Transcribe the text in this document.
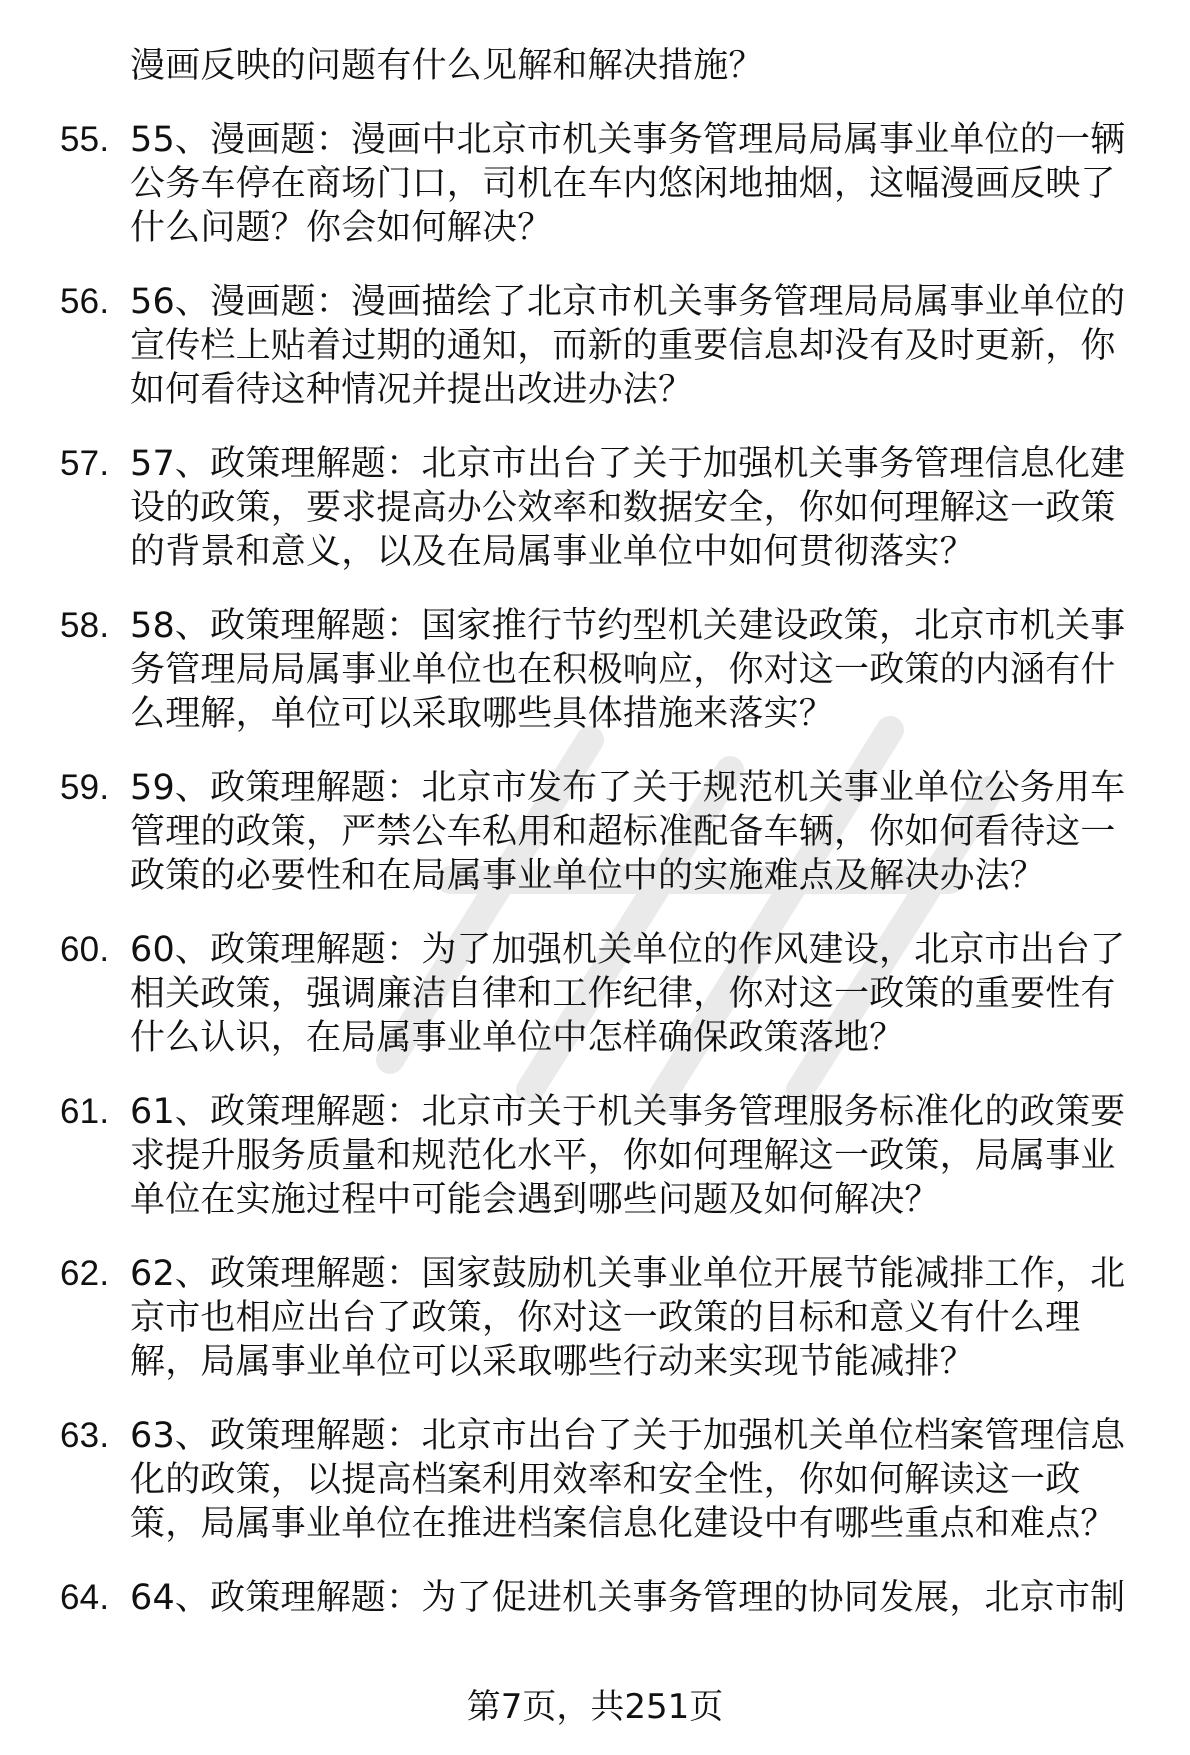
漫画反映的问题有什么见解和解决措施？
55. 55、漫画题：漫画中北京市机关事务管理局局属事业单位的一辆公务车停在商场门口，司机在车内悠闲地抽烟，这幅漫画反映了什么问题？你会如何解决？
56. 56、漫画题：漫画描绘了北京市机关事务管理局局属事业单位的宣传栏上贴着过期的通知，而新的重要信息却没有及时更新，你如何看待这种情况并提出改进办法？
57. 57、政策理解题：北京市出台了关于加强机关事务管理信息化建设的政策，要求提高办公效率和数据安全，你如何理解这一政策的背景和意义，以及在局属事业单位中如何贯彻落实？
58. 58、政策理解题：国家推行节约型机关建设政策，北京市机关事务管理局局属事业单位也在积极响应，你对这一政策的内涵有什么理解，单位可以采取哪些具体措施来落实？
59. 59、政策理解题：北京市发布了关于规范机关事业单位公务用车管理的政策，严禁公车私用和超标准配备车辆，你如何看待这一政策的必要性和在局属事业单位中的实施难点及解决办法？
60. 60、政策理解题：为了加强机关单位的作风建设，北京市出台了相关政策，强调廉洁自律和工作纪律，你对这一政策的重要性有什么认识，在局属事业单位中怎样确保政策落地？
61. 61、政策理解题：北京市关于机关事务管理服务标准化的政策要求提升服务质量和规范化水平，你如何理解这一政策，局属事业单位在实施过程中可能会遇到哪些问题及如何解决？
62. 62、政策理解题：国家鼓励机关事业单位开展节能减排工作，北京市也相应出台了政策，你对这一政策的目标和意义有什么理解，局属事业单位可以采取哪些行动来实现节能减排？
63. 63、政策理解题：北京市出台了关于加强机关单位档案管理信息化的政策，以提高档案利用效率和安全性，你如何解读这一政策，局属事业单位在推进档案信息化建设中有哪些重点和难点？
64. 64、政策理解题：为了促进机关事务管理的协同发展，北京市制
第7页，共251页
